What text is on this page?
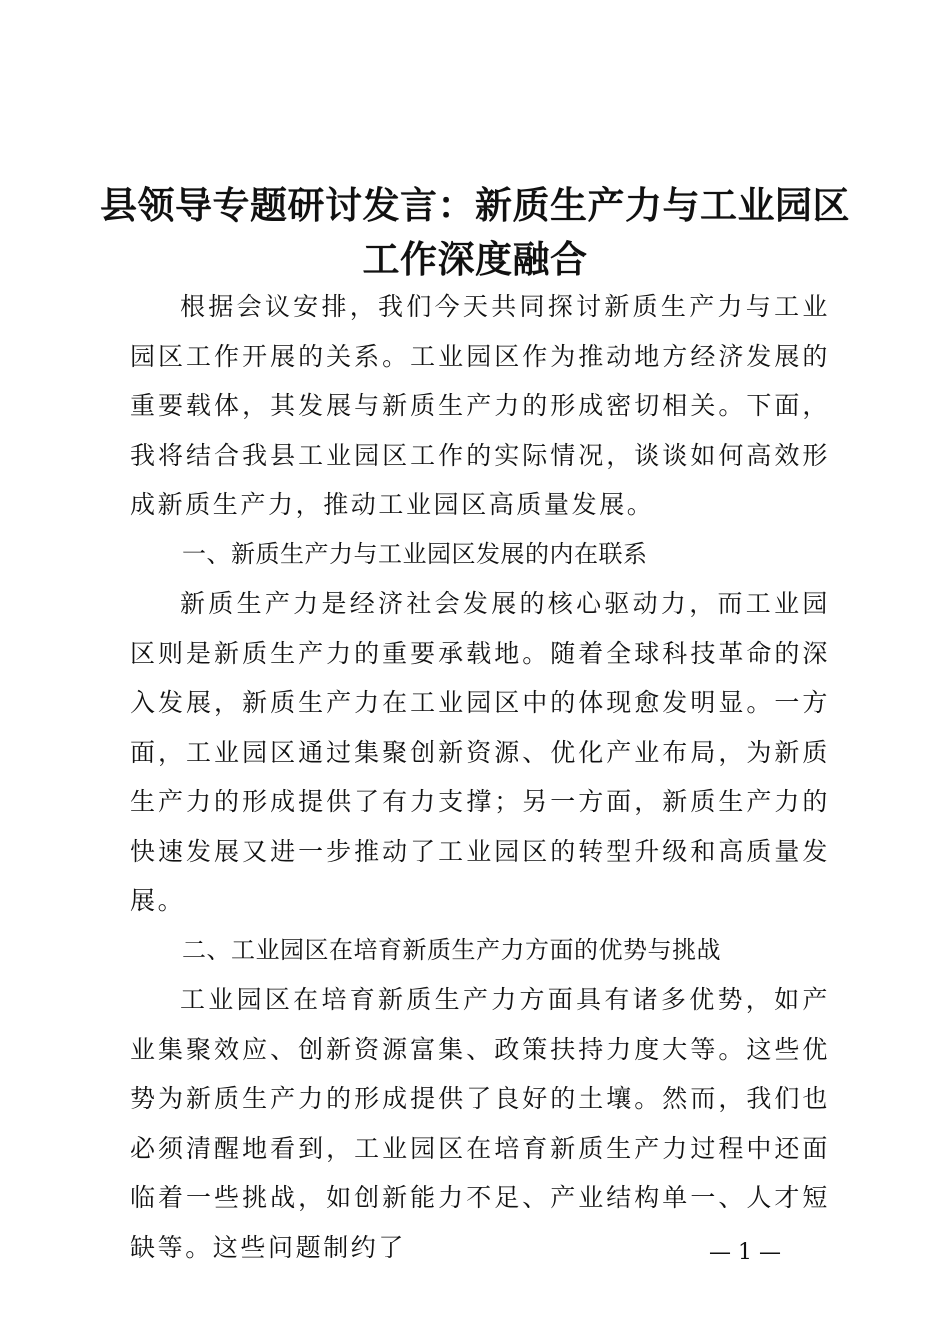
县领导专题研讨发言：新质生产力与工业园区
工作深度融合

根据会议安排，我们今天共同探讨新质生产力与工业园区工作开展的关系。工业园区作为推动地方经济发展的重要载体，其发展与新质生产力的形成密切相关。下面，我将结合我县工业园区工作的实际情况，谈谈如何高效形成新质生产力，推动工业园区高质量发展。

一、新质生产力与工业园区发展的内在联系

新质生产力是经济社会发展的核心驱动力，而工业园区则是新质生产力的重要承载地。随着全球科技革命的深入发展，新质生产力在工业园区中的体现愈发明显。一方面，工业园区通过集聚创新资源、优化产业布局，为新质生产力的形成提供了有力支撑；另一方面，新质生产力的快速发展又进一步推动了工业园区的转型升级和高质量发展。

二、工业园区在培育新质生产力方面的优势与挑战

工业园区在培育新质生产力方面具有诸多优势，如产业集聚效应、创新资源富集、政策扶持力度大等。这些优势为新质生产力的形成提供了良好的土壤。然而，我们也必须清醒地看到，工业园区在培育新质生产力过程中还面临着一些挑战，如创新能力不足、产业结构单一、人才短缺等。这些问题制约了	— 1 —
